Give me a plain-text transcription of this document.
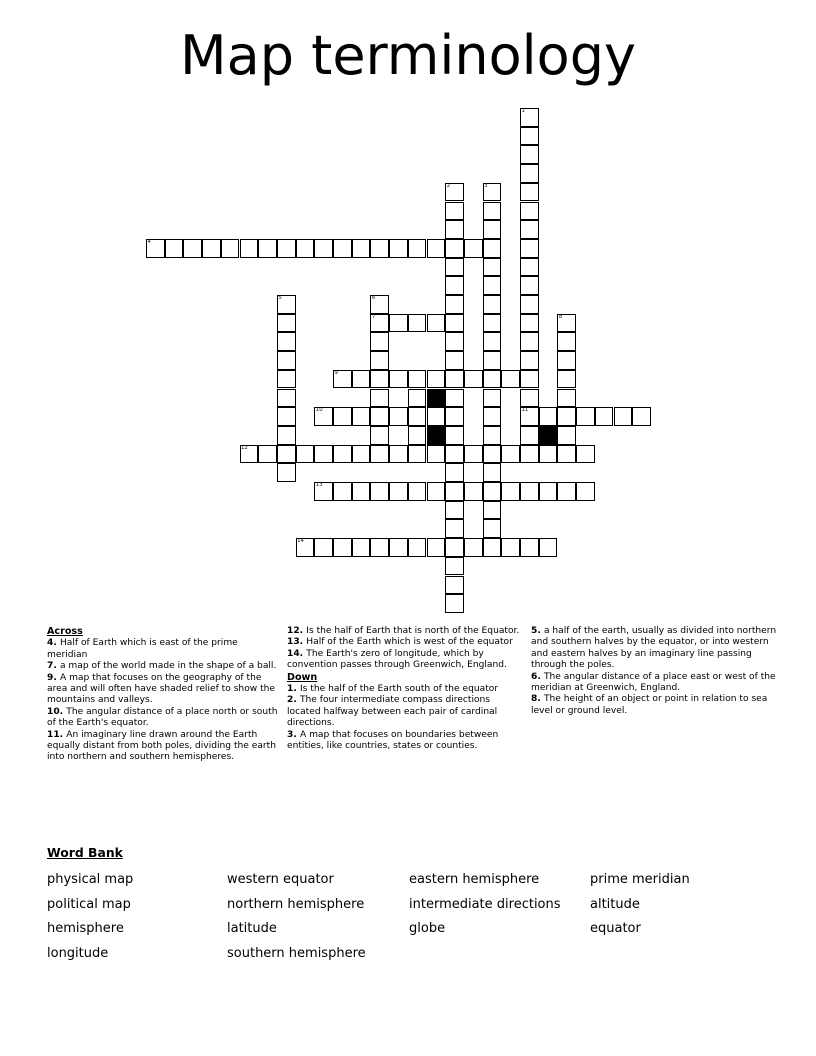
Map terminology
1
2	3
4
5	6
7	8
9
10	11
12
13
14
Across
4. Half of Earth which is east of the prime meridian
7. a map of the world made in the shape of a ball.
9. A map that focuses on the geography of the area and will often have shaded relief to show the mountains and valleys.
10. The angular distance of a place north or south of the Earth's equator.
11. An imaginary line drawn around the Earth equally distant from both poles, dividing the earth into northern and southern hemispheres.
12. Is the half of Earth that is north of the Equator.
13. Half of the Earth which is west of the equator
14. The Earth's zero of longitude, which by convention passes through Greenwich, England.
Down
1. Is the half of the Earth south of the equator
2. The four intermediate compass directions located halfway between each pair of cardinal directions.
3. A map that focuses on boundaries between entities, like countries, states or counties.
5. a half of the earth, usually as divided into northern and southern halves by the equator, or into western and eastern halves by an imaginary line passing through the poles.
6. The angular distance of a place east or west of the meridian at Greenwich, England.
8. The height of an object or point in relation to sea level or ground level.
Word Bank
physical map
political map
hemisphere
longitude
western equator
northern hemisphere
latitude
southern hemisphere
eastern hemisphere
intermediate directions
globe
prime meridian
altitude
equator
